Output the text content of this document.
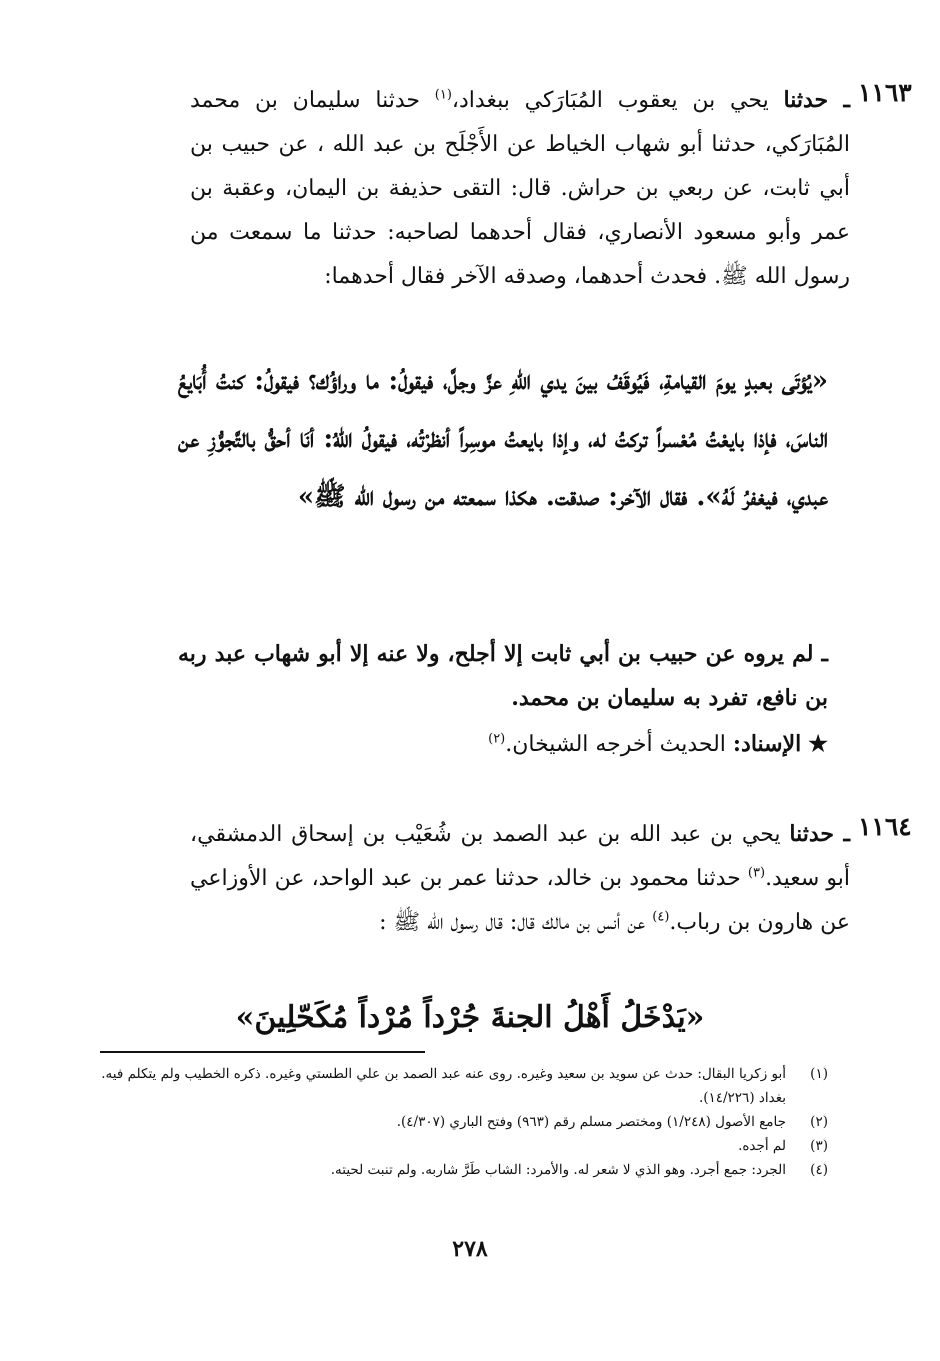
١١٦٣

ـ حدثنا يحي بن يعقوب المُبَارَكي ببغداد،$^{(١)}$ حدثنا سليمان بن محمد المُبَارَكي، حدثنا أبو شهاب الخياط عن الأَجْلَح بن عبد الله ، عن حبيب بن أبي ثابت، عن ربعي بن حراش. قال: التقى حذيفة بن اليمان، وعقبة بن عمر وأبو مسعود الأنصاري، فقال أحدهما لصاحبه: حدثنا ما سمعت من رسول الله ﷺ. فحدث أحدهما، وصدقه الآخر فقال أحدهما:

«يُؤتَى بعبدٍ يومَ القيامةِ، فَيُوقَفُ بينَ يدي اللهِ عزَّ وجلَّ، فيقولُ: ما وراؤُك؟ فيقولُ: كنتُ أُبَايعُ الناسَ، فإذا بايعْتُ مُعْسراً تركتُ له، وإذا بايعتُ موسِراً أنظرْتُه، فيقولُ اللهُ: أنَا أحقُّ بالتَّجوُّزِ عن عبدي، فيغفرُ لَهُ». فقال الآخر: صدقت. هكذا سمعته من رسول الله ﷺ»
ـ لم يروه عن حبيب بن أبي ثابت إلا أجلح، ولا عنه إلا أبو شهاب عبد ربه بن نافع، تفرد به سليمان بن محمد.
★ الإسناد: الحديث أخرجه الشيخان.$^{(٢)}$
١١٦٤

ـ حدثنا يحي بن عبد الله بن عبد الصمد بن شُعَيْب بن إسحاق الدمشقي، أبو سعيد.$^{(٣)}$ حدثنا محمود بن خالد، حدثنا عمر بن عبد الواحد، عن الأوزاعي عن هارون بن رباب.$^{(٤)}$ عن أنس بن مالك قال: قال رسول الله ﷺ :

«يَدْخَلُ أَهْلُ الجنةَ جُرْداً مُرْداً مُكَحّلِينَ»
(١)
أبو زكريا البقال: حدث عن سويد بن سعيد وغيره. روى عنه عبد الصمد بن علي الطستي وغيره. ذكره الخطيب ولم يتكلم فيه. بغداد (١٤/٢٢٦).
(٢)
جامع الأصول (١/٢٤٨) ومختصر مسلم رقم (٩٦٣) وفتح الباري (٤/٣٠٧).
(٣)
لم أجده.
(٤)
الجرد: جمع أجرد. وهو الذي لا شعر له. والأمرد: الشاب طَرَّ شاربه. ولم تنبت لحيته.
٢٧٨
